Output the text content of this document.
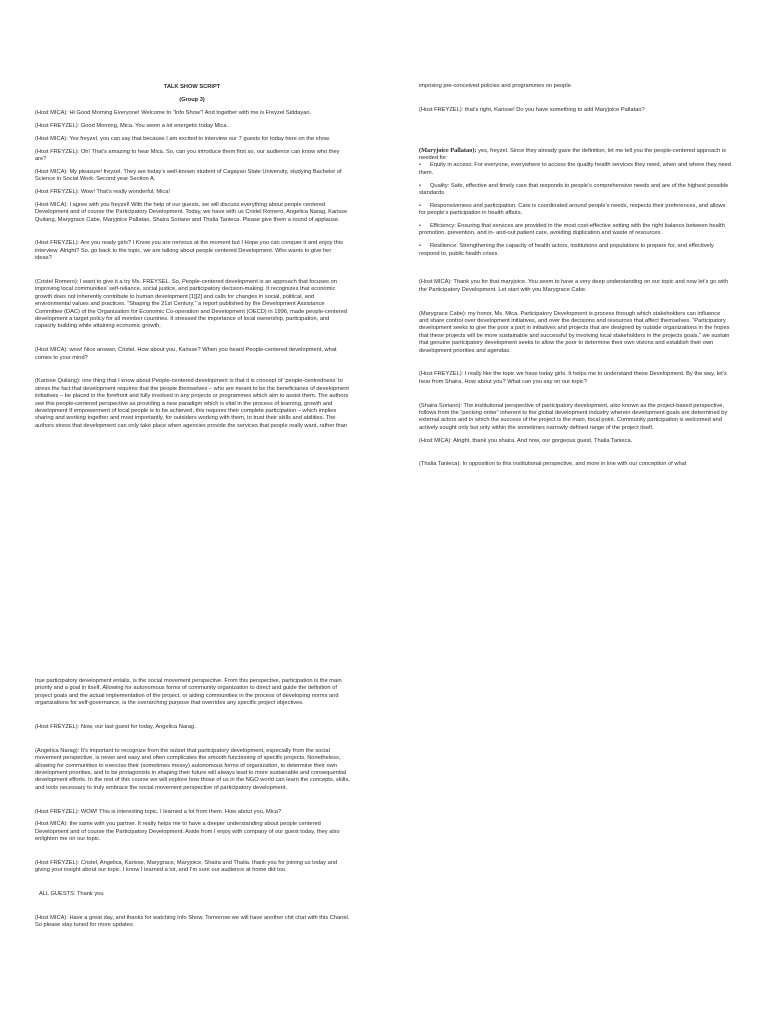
TALK SHOW SCRIPT

(Group 3)

(Host MICA): Hi Good Morning Everyone! Welcome to “Info Show”! And together with me is Freyzel Siddayao.

(Host FREYZEL): Good Morning, Mica. You seem a lot energetic today Mica.

(Host MICA): Yes freyzel, you can say that because I am excited to interview our 7 guests for today here on the show.

(Host FREYZEL): Oh! That’s amazing to hear Mica. So, can you introduce them first so, our audience can know who they are?

(Host MICA): My pleasure! freyzel. They are today’s well-known student of Cagayan State University, studying Bachelor of Science in Social Work. Second year Section A.

(Host FREYZEL): Wow! That’s really wonderful, Mica!

(Host MICA): I agree with you freyzel! With the help of our guests, we will discuss everything about people centered Development and of course the Participatory Development. Today, we have with us Cristel Romero, Angelica Narag, Karisse Quilang, Marygrace Cabe, Maryjoice Pallatao, Shaira Soriano and Thalia Tanieca. Please give them a round of applause.

(Host FREYZEL): Are you ready girls? I Know you are nervous at the moment but I Hope you can conquer it and enjoy this interview. Alright? So, go back to the topic, we are talking about people centered Development. Who wants to give her ideas?

(Cristel Romero): I want to give it a try Ms. FREYSEL. So, People-centered development is an approach that focuses on improving local communities’ self-reliance, social justice, and participatory decision-making. It recognizes that economic growth does not inherently contribute to human development [1][2] and calls for changes in social, political, and environmental values and practices. “Shaping the 21st Century,” a report published by the Development Assistance Committee (DAC) of the Organization for Economic Co-operation and Development (OECD) in 1996, made people-centered development a target policy for all member countries. It stressed the importance of local ownership, participation, and capacity building while attaining economic growth.

(Host MICA): wow! Nice answer, Cristel. How about you, Karisse? When you heard People-centered development, what comes to your mind?

(Karisse Quilang): one thing that I know about People-centered development is that it is concept of ‘people-centredness’ to stress the fact that development requires that the people themselves – who are meant to be the beneficiaries of development initiatives – be placed in the forefront and fully involved in any projects or programmes which aim to assist them. The authors see this people-centered perspective as providing a new paradigm which is vital in the process of learning, growth and development If empowerment of local people is to be achieved, this requires their complete participation – which implies sharing and working together and most importantly, for outsiders working with them, to trust their skills and abilities. The authors stress that development can only take place when agencies provide the services that people really want, rather than

imposing pre-conceived policies and programmes on people.

(Host FREYZEL): that’s right, Karisse! Do you have something to add Maryjoice Pallatao?

(Maryjoice Pallatao): yes, freyzel. Since they already gave the definition, let me tell you the people-centered approach is needed for:

• Equity in access: For everyone, everywhere to access the quality health services they need, when and where they need them.

• Quality: Safe, effective and timely care that responds to people’s comprehensive needs and are of the highest possible standards.

• Responsiveness and participation: Care is coordinated around people’s needs, respects their preferences, and allows for people’s participation in health affairs.

• Efficiency: Ensuring that services are provided in the most cost-effective setting with the right balance between health promotion, prevention, and in- and-out patient care, avoiding duplication and waste of resources.

• Resilience: Strengthening the capacity of health actors, institutions and populations to prepare for, and effectively respond to, public health crises.

(Host MICA): Thank you for that maryjoice. You seem to have a very deep understanding on our topic and now let’s go with the Participatory Development. Let start with you Marygrace Cabe.

(Marygrace Cabe): my honor, Ms. Mica. Participatory Development is process through which stakeholders can influence and share control over development initiatives, and over the decisions and resources that affect themselves. “Participatory development seeks to give the poor a part in initiatives and projects that are designed by outside organizations in the hopes that these projects will be more sustainable and successful by involving local stakeholders in the projects goals.” we sustain that genuine participatory development seeks to allow the poor to determine their own visions and establish their own development priorities and agendas.

(Host FREYZEL): I really like the topic we have today girls. It helps me to understand these Development. By the way, let’s hear from Shaira. How about you? What can you say on our topic?

(Shaira Soriano): The institutional perspective of participatory development, also known as the project-based perspective, follows from the “pecking order” inherent to the global development industry wherein development goals are determined by external actors and in which the success of the project is the main, focal point. Community participation is welcomed and actively sought only but only within the sometimes narrowly defined range of the project itself.

(Host MICA): Alright, thank you shaira. And now, our gorgeous guest, Thalia Tanieca.

(Thalia Tanieca): In opposition to this institutional perspective, and more in line with our conception of what

true participatory development entails, is the social movement perspective. From this perspective, participation is the main priority and a goal in itself. Allowing for autonomous forms of community organization to direct and guide the definition of project goals and the actual implementation of the project, or aiding communities in the process of developing norms and organizations for self-governance, is the overarching purpose that overrides any specific project objectives.

(Host FREYZEL): Now, our last guest for today, Angelica Narag.

(Angelica Narag): It’s important to recognize from the outset that participatory development, especially from the social movement perspective, is never and easy and often complicates the smooth functioning of specific projects. Nonetheless, allowing for communities to exercise their (sometimes messy) autonomous forms of organization, to determine their own development priorities, and to be protagonists in shaping their future will always lead to more sustainable and consequential development efforts. In the rest of this course we will explore how those of us in the NGO world can learn the concepts, skills, and tools necessary to truly embrace the social movement perspective of participatory development.

(Host FREYZEL): WOW! This is interesting topic. I learned a lot from them. How about you, Mica?

(Host MICA): the same with you partner. It really helps me to have a deeper understanding about people centered Development and of course the Participatory Development. Aside from I enjoy with company of our guest today, they also enlighten me on our topic.

(Host FREYZEL): Cristel, Angelica, Karisse, Marygrace, Maryjoice, Shaira and Thalia. thank you for joining us today and giving your insight about our topic. I know I learned a lot, and I’m sure our audience at home did too.

ALL GUESTS: Thank you

(Host MICA): Have a great day, and thanks for watching Info Show. Tomorrow we will have another chit chat with this Chanel. So please stay tuned for more updates.
